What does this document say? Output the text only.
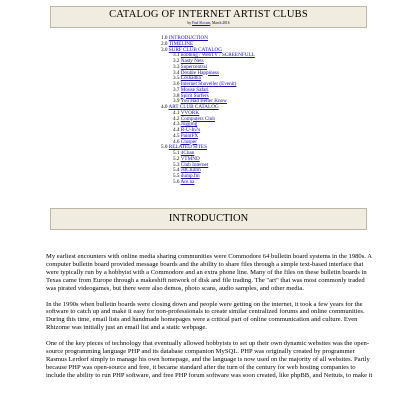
CATALOG OF INTERNET ARTIST CLUBS
by Paul Slocum, March 2016
1.0 INTRODUCTION
2.0 TIMELINE
3.0 SURF CLUB CATALOG
3.1 nobbing / WebTV / SCREENFULL
3.2 Nasty Nets
3.3 Supercentral
3.4 Double Happiness
3.5 Loshadka
3.6 Internet Shoveller (Evenit)
3.7 Mouse Safari
3.8 Spirit Surfers
3.9 You Had Better Know
4.0 ART CLUB CATALOG
4.1 VVORK
4.2 Computers Club
4.3 Jogging
4.4 R-U-In?s
4.5 PaintFX
4.6 Clusper
5.0 RELATED SITES
5.1 4Chan
5.2 VTMND
5.3 Club Internet
5.4 JstChillin
5.5 dump.fm
5.6 Are.na
INTRODUCTION

My earliest encounters with online media sharing communities were Commodore 64 bulletin board systems in the 1980s. A computer bulletin board provided message boards and the ability to share files through a simple text-based interface that were typically run by a hobbyist with a Commodore and an extra phone line. Many of the files on these bulletin boards in Texas came from Europe through a makeshift network of disk and file trading. The "art" that was most commonly traded was pirated videogames, but there were also demos, photo scans, audio samples, and other media.

In the 1990s when bulletin boards were closing down and people were getting on the internet, it took a few years for the software to catch up and make it easy for non-professionals to create similar centralized forums and online communities. During this time, email lists and handmade homepages were a critical part of online communication and culture. Even Rhizome was initially just an email list and a static webpage.

One of the key pieces of technology that eventually allowed hobbyists to set up their own dynamic websites was the open-source programming language PHP and its database companion MySQL. PHP was originally created by programmer Rasmus Lerdorf simply to manage his own homepage, and the language is now used on the majority of all websites. Partly because PHP was open-source and free, it became standard after the turn of the century for web hosting companies to include the ability to run PHP software, and free PHP forum software was soon created, like phpBB, and Nettuts, to make it
